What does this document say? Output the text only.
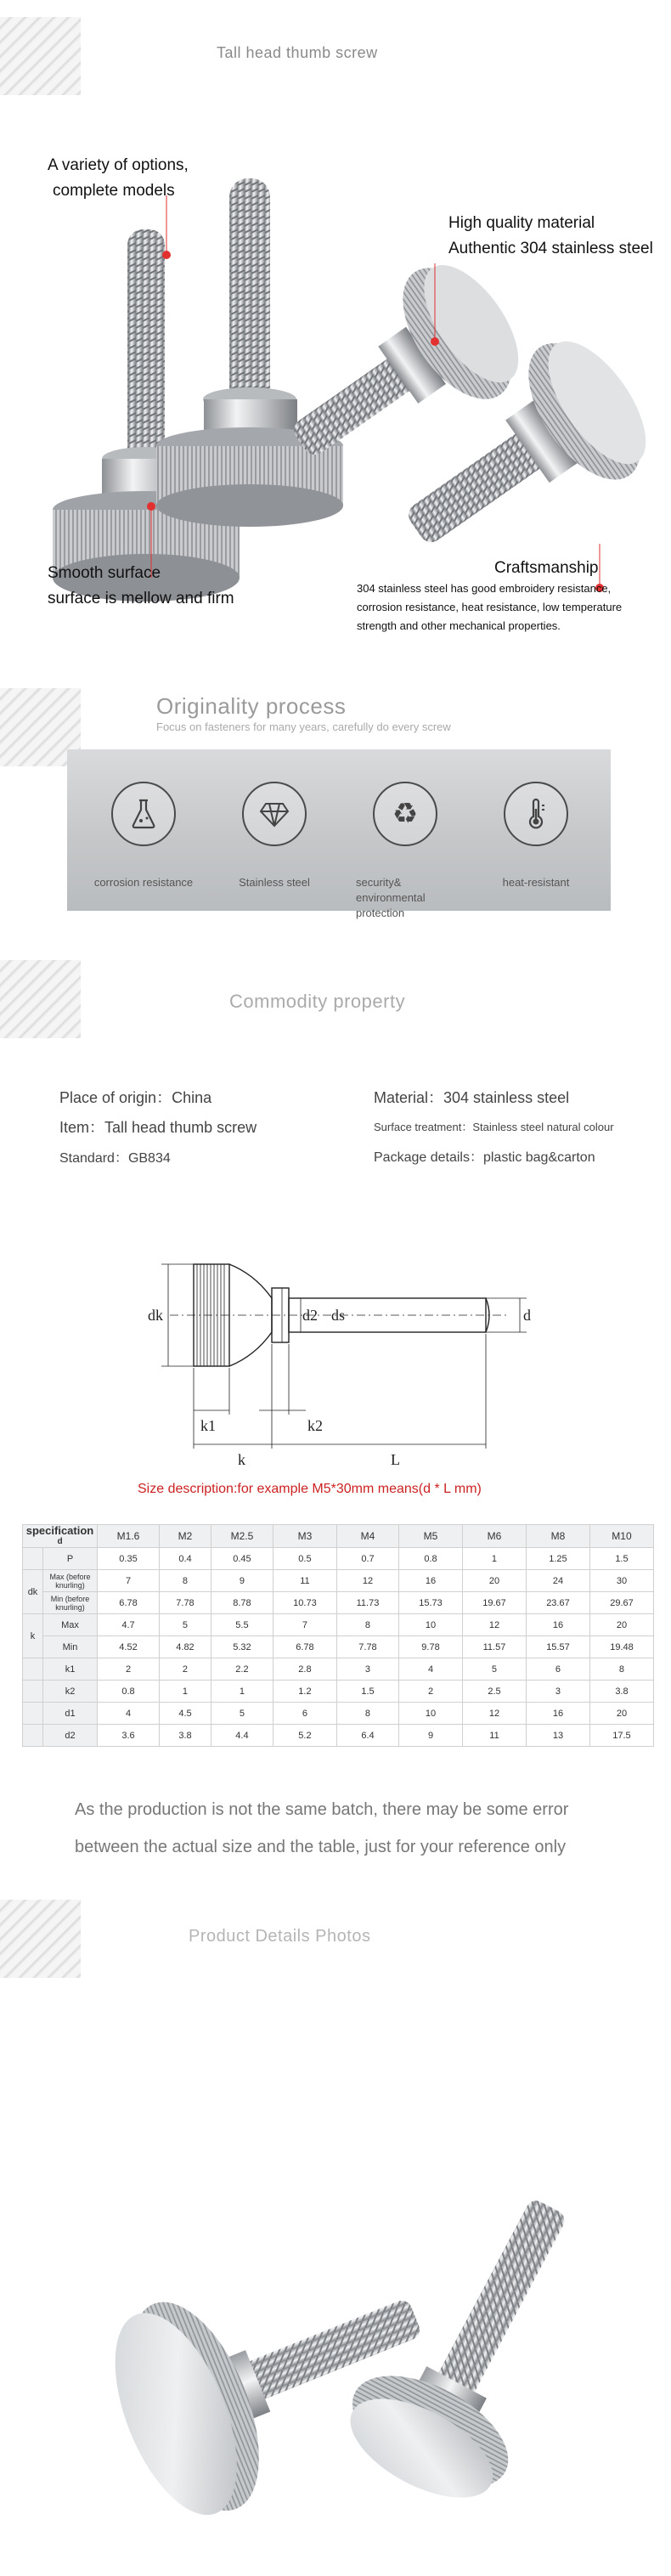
Tall head thumb screw
A variety of options,
complete models
High quality material
Authentic 304 stainless steel
Smooth surface
surface is mellow and firm
Craftsmanship
304 stainless steel has good embroidery resistance, corrosion resistance, heat resistance, low temperature strength and other mechanical properties.
Originality process
Focus on fasteners for many years, carefully do every screw
corrosion resistance	Stainless steel
♻
security& environmental protection
heat-resistant
Commodity property
Place of origin：China
Item：Tall head thumb screw
Standard：GB834
Material：304 stainless steel
Surface treatment：Stainless steel natural colour
Package details：plastic bag&carton
dk	d2 ds	d
k1	k2
k	L
Size description:for example M5*30mm means(d * L mm)
specification
d		M1.6	M2	M2.5	M3	M4	M5	M6	M8	M10
	P	0.35	0.4	0.45	0.5	0.7	0.8	1	1.25	1.5
dk	Max (before knurling)	7	8	9	11	12	16	20	24	30
	Min (before knurling)	6.78	7.78	8.78	10.73	11.73	15.73	19.67	23.67	29.67
k	Max	4.7	5	5.5	7	8	10	12	16	20
	Min	4.52	4.82	5.32	6.78	7.78	9.78	11.57	15.57	19.48
	k1	2	2	2.2	2.8	3	4	5	6	8
	k2	0.8	1	1	1.2	1.5	2	2.5	3	3.8
	d1	4	4.5	5	6	8	10	12	16	20
	d2	3.6	3.8	4.4	5.2	6.4	9	11	13	17.5
As the production is not the same batch, there may be some error
between the actual size and the table, just for your reference only
Product Details Photos
